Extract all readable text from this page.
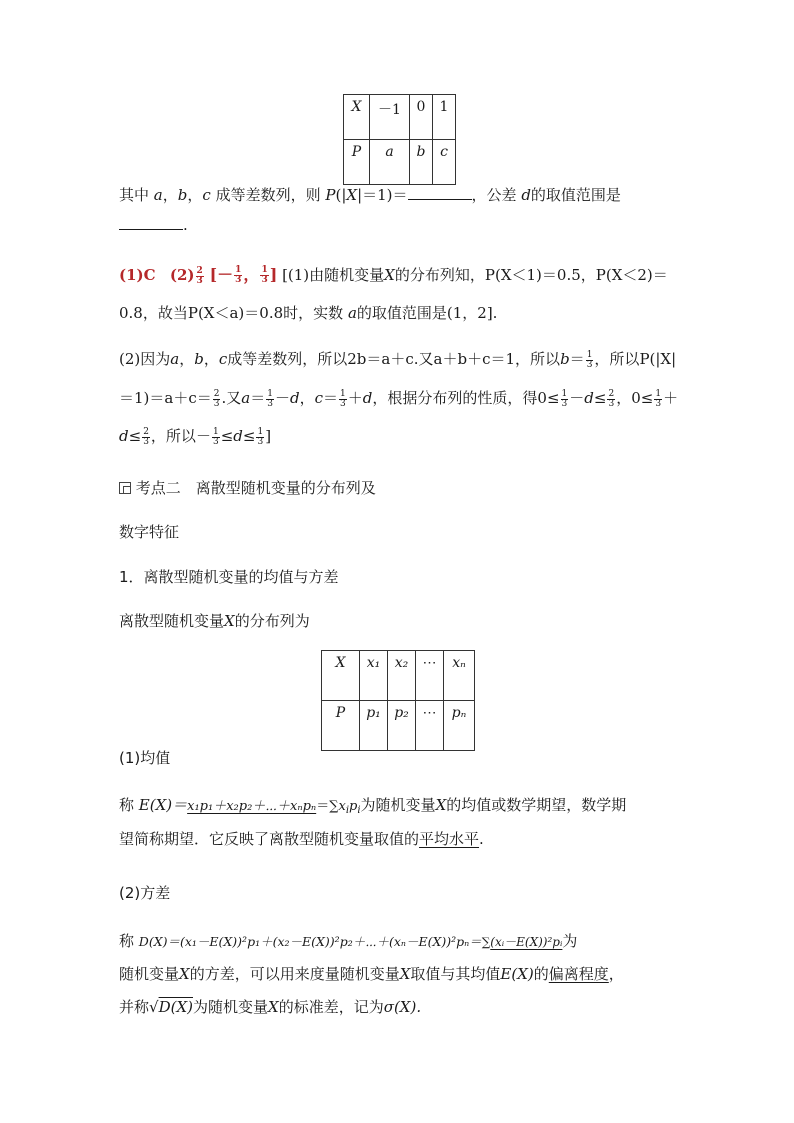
X	－1	0	1
P	a	b	c
其中 a，b，c 成等差数列，则 P(|X|＝1)＝	，公差 d的取值范围是
.
(1)C $(2) \frac{2}{3}$ [－ $\frac{1}{3}$ ， $\frac{1}{3}$ ] [(1)由随机变量X的分布列知，P(X＜1)＝0.5，P(X＜2)＝
0.8，故当P(X＜a)＝0.8时，实数 a的取值范围是(1，2].
(2)因为a，b，c成等差数列，所以2b＝a＋c.又a＋b＋c＝1，所以$b= \frac{1}{3}$ ，所以P(|X|
$=1)=a+c= \frac{2}{3}$ .又$a= \frac{1}{3} -d$，$c= \frac{1}{3} +d$，根据分布列的性质，得$0\le \frac{1}{3} -d\le \frac{2}{3}$ ，$0\le \frac{1}{3}$ ＋
$d\le \frac{2}{3}$ ，所以－ $\frac{1}{3} \le d\le \frac{1}{3}$ ]
考点二　离散型随机变量的分布列及
数字特征
1．离散型随机变量的均值与方差
离散型随机变量X的分布列为
X	x₁	x₂	⋯	xₙ
P	p₁	p₂	⋯	pₙ
(1)均值
称 $E(X)=x_1p_1+x_2p_2+\cdots+x_np_n=\sum x_ip_i$为随机变量X的均值或数学期望，数学期
望简称期望．它反映了离散型随机变量取值的平均水平.
(2)方差
称 D(X)＝(x₁－E(X))²p₁＋(x₂－E(X))²p₂＋⋯＋(xₙ－E(X))²pₙ＝∑(xᵢ－E(X))²pᵢ为
随机变量X的方差，可以用来度量随机变量X取值与其均值E(X)的偏离程度，
并称√D(X)为随机变量X的标准差，记为σ(X).
